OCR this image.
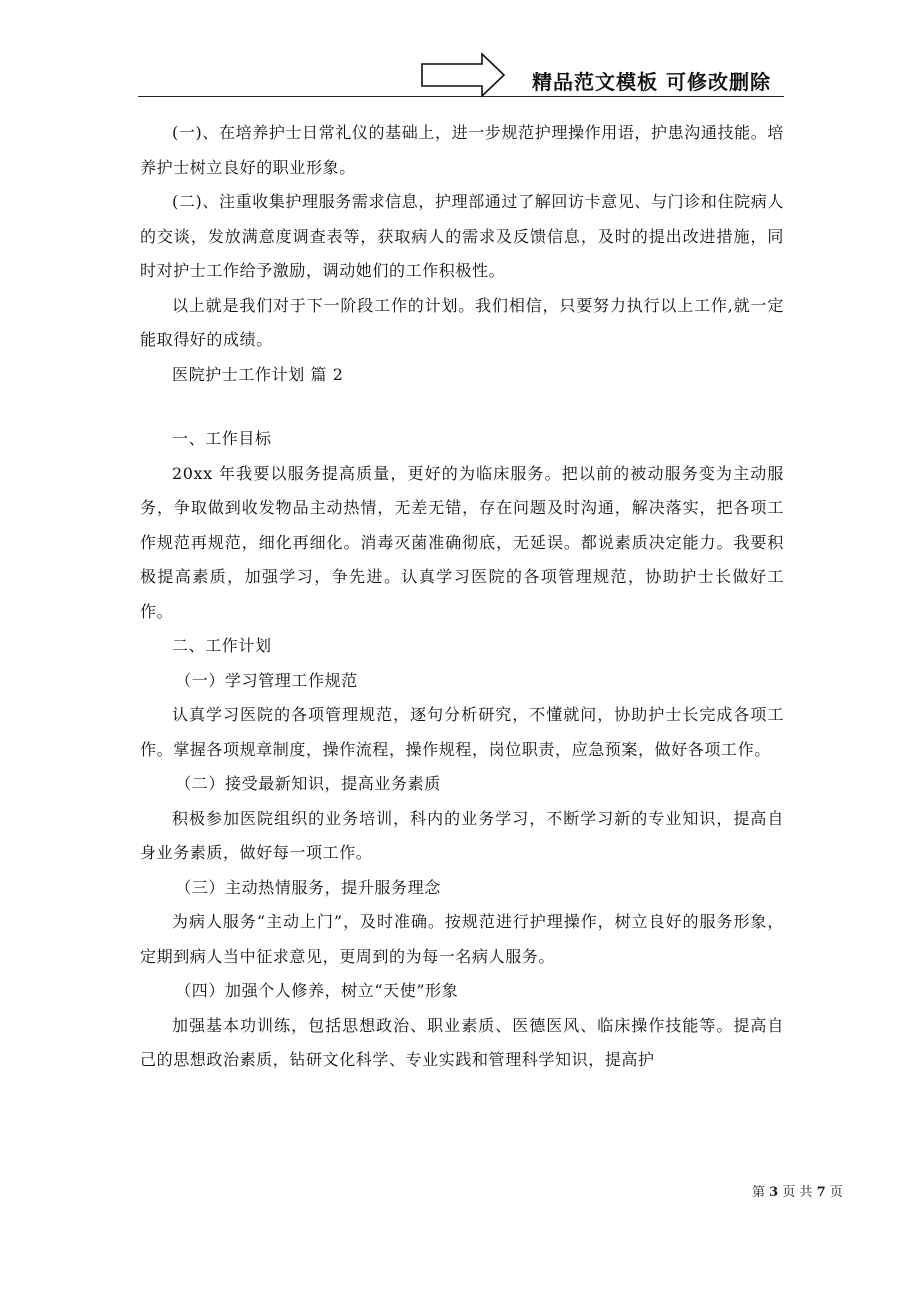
精品范文模板 可修改删除

(一)、在培养护士日常礼仪的基础上，进一步规范护理操作用语，护患沟通技能。培养护士树立良好的职业形象。

(二)、注重收集护理服务需求信息，护理部通过了解回访卡意见、与门诊和住院病人的交谈，发放满意度调查表等，获取病人的需求及反馈信息，及时的提出改进措施，同时对护士工作给予激励，调动她们的工作积极性。

以上就是我们对于下一阶段工作的计划。我们相信，只要努力执行以上工作,就一定能取得好的成绩。

医院护士工作计划 篇 2

一、工作目标

20xx 年我要以服务提高质量，更好的为临床服务。把以前的被动服务变为主动服务，争取做到收发物品主动热情，无差无错，存在问题及时沟通，解决落实，把各项工作规范再规范，细化再细化。消毒灭菌准确彻底，无延误。都说素质决定能力。我要积极提高素质，加强学习，争先进。认真学习医院的各项管理规范，协助护士长做好工作。

二、工作计划

（一）学习管理工作规范

认真学习医院的各项管理规范，逐句分析研究，不懂就问，协助护士长完成各项工作。掌握各项规章制度，操作流程，操作规程，岗位职责，应急预案，做好各项工作。

（二）接受最新知识，提高业务素质

积极参加医院组织的业务培训，科内的业务学习，不断学习新的专业知识，提高自身业务素质，做好每一项工作。

（三）主动热情服务，提升服务理念

为病人服务“主动上门”，及时准确。按规范进行护理操作，树立良好的服务形象，定期到病人当中征求意见，更周到的为每一名病人服务。

（四）加强个人修养，树立“天使”形象

加强基本功训练，包括思想政治、职业素质、医德医风、临床操作技能等。提高自己的思想政治素质，钻研文化科学、专业实践和管理科学知识，提高护

第 3 页 共 7 页
